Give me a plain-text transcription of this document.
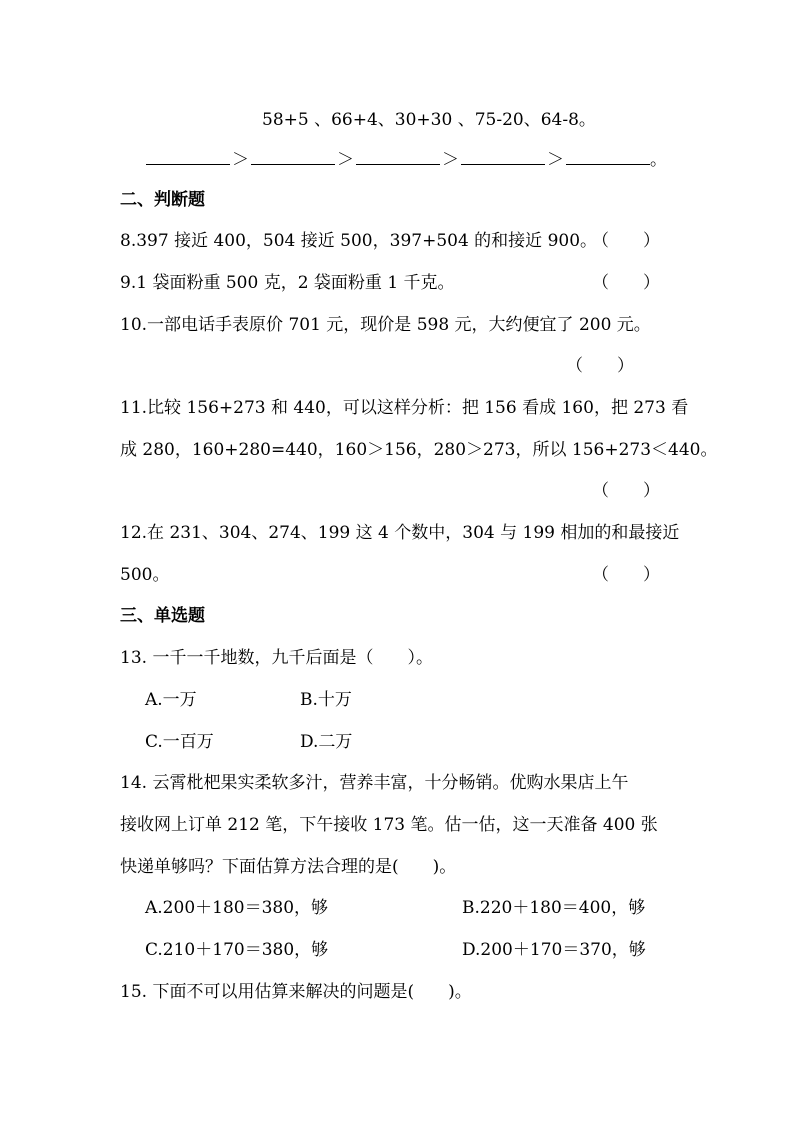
58+5 、66+4、30+30 、75-20、64-8。
＞	＞	＞	＞	。
二、判断题
8.397 接近 400，504 接近 500，397+504 的和接近 900。
（　　）
9.1 袋面粉重 500 克，2 袋面粉重 1 千克。	（　　）
10.一部电话手表原价 701 元，现价是 598 元，大约便宜了 200 元。
（　　）
11.比较 156+273 和 440，可以这样分析：把 156 看成 160，把 273 看
成 280，160+280=440，160＞156，280＞273，所以 156+273＜440。
（　　）
12.在 231、304、274、199 这 4 个数中，304 与 199 相加的和最接近
500。	（　　）
三、单选题
13. 一千一千地数，九千后面是（　　）。
A.一万	B.十万
C.一百万	D.二万
14. 云霄枇杷果实柔软多汁，营养丰富，十分畅销。优购水果店上午
接收网上订单 212 笔，下午接收 173 笔。估一估，这一天准备 400 张
快递单够吗？下面估算方法合理的是(　　)。
A.200＋180＝380，够	B.220＋180＝400，够
C.210＋170＝380，够	D.200＋170＝370，够
15. 下面不可以用估算来解决的问题是(　　)。
